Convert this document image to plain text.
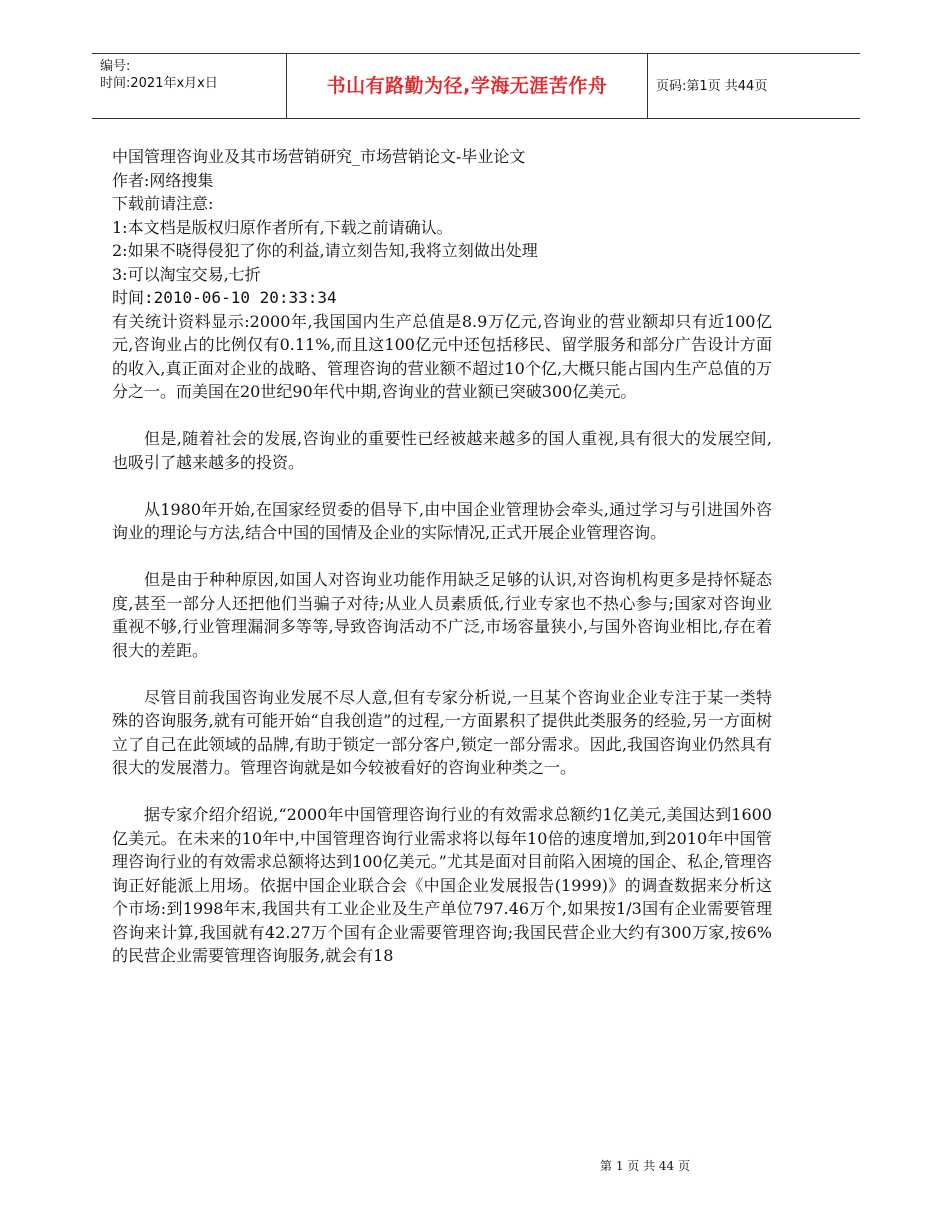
编号:
时间:2021年x月x日	书山有路勤为径,学海无涯苦作舟	页码:第1页 共44页

中国管理咨询业及其市场营销研究_市场营销论文-毕业论文

作者:网络搜集

下载前请注意:

1:本文档是版权归原作者所有,下载之前请确认。

2:如果不晓得侵犯了你的利益,请立刻告知,我将立刻做出处理

3:可以淘宝交易,七折

时间:2010-06-10 20:33:34

有关统计资料显示:2000年,我国国内生产总值是8.9万亿元,咨询业的营业额却只有近100亿元,咨询业占的比例仅有0.11%,而且这100亿元中还包括移民、留学服务和部分广告设计方面的收入,真正面对企业的战略、管理咨询的营业额不超过10个亿,大概只能占国内生产总值的万分之一。而美国在20世纪90年代中期,咨询业的营业额已突破300亿美元。

但是,随着社会的发展,咨询业的重要性已经被越来越多的国人重视,具有很大的发展空间,也吸引了越来越多的投资。

从1980年开始,在国家经贸委的倡导下,由中国企业管理协会牵头,通过学习与引进国外咨询业的理论与方法,结合中国的国情及企业的实际情况,正式开展企业管理咨询。

但是由于种种原因,如国人对咨询业功能作用缺乏足够的认识,对咨询机构更多是持怀疑态度,甚至一部分人还把他们当骗子对待;从业人员素质低,行业专家也不热心参与;国家对咨询业重视不够,行业管理漏洞多等等,导致咨询活动不广泛,市场容量狭小,与国外咨询业相比,存在着很大的差距。

尽管目前我国咨询业发展不尽人意,但有专家分析说,一旦某个咨询业企业专注于某一类特殊的咨询服务,就有可能开始“自我创造”的过程,一方面累积了提供此类服务的经验,另一方面树立了自己在此领域的品牌,有助于锁定一部分客户,锁定一部分需求。因此,我国咨询业仍然具有很大的发展潜力。管理咨询就是如今较被看好的咨询业种类之一。

据专家介绍介绍说,“2000年中国管理咨询行业的有效需求总额约1亿美元,美国达到1600亿美元。在未来的10年中,中国管理咨询行业需求将以每年10倍的速度增加,到2010年中国管理咨询行业的有效需求总额将达到100亿美元。”尤其是面对目前陷入困境的国企、私企,管理咨询正好能派上用场。依据中国企业联合会《中国企业发展报告(1999)》的调查数据来分析这个市场:到1998年末,我国共有工业企业及生产单位797.46万个,如果按1/3国有企业需要管理咨询来计算,我国就有42.27万个国有企业需要管理咨询;我国民营企业大约有300万家,按6%的民营企业需要管理咨询服务,就会有18

第 1 页 共 44 页
